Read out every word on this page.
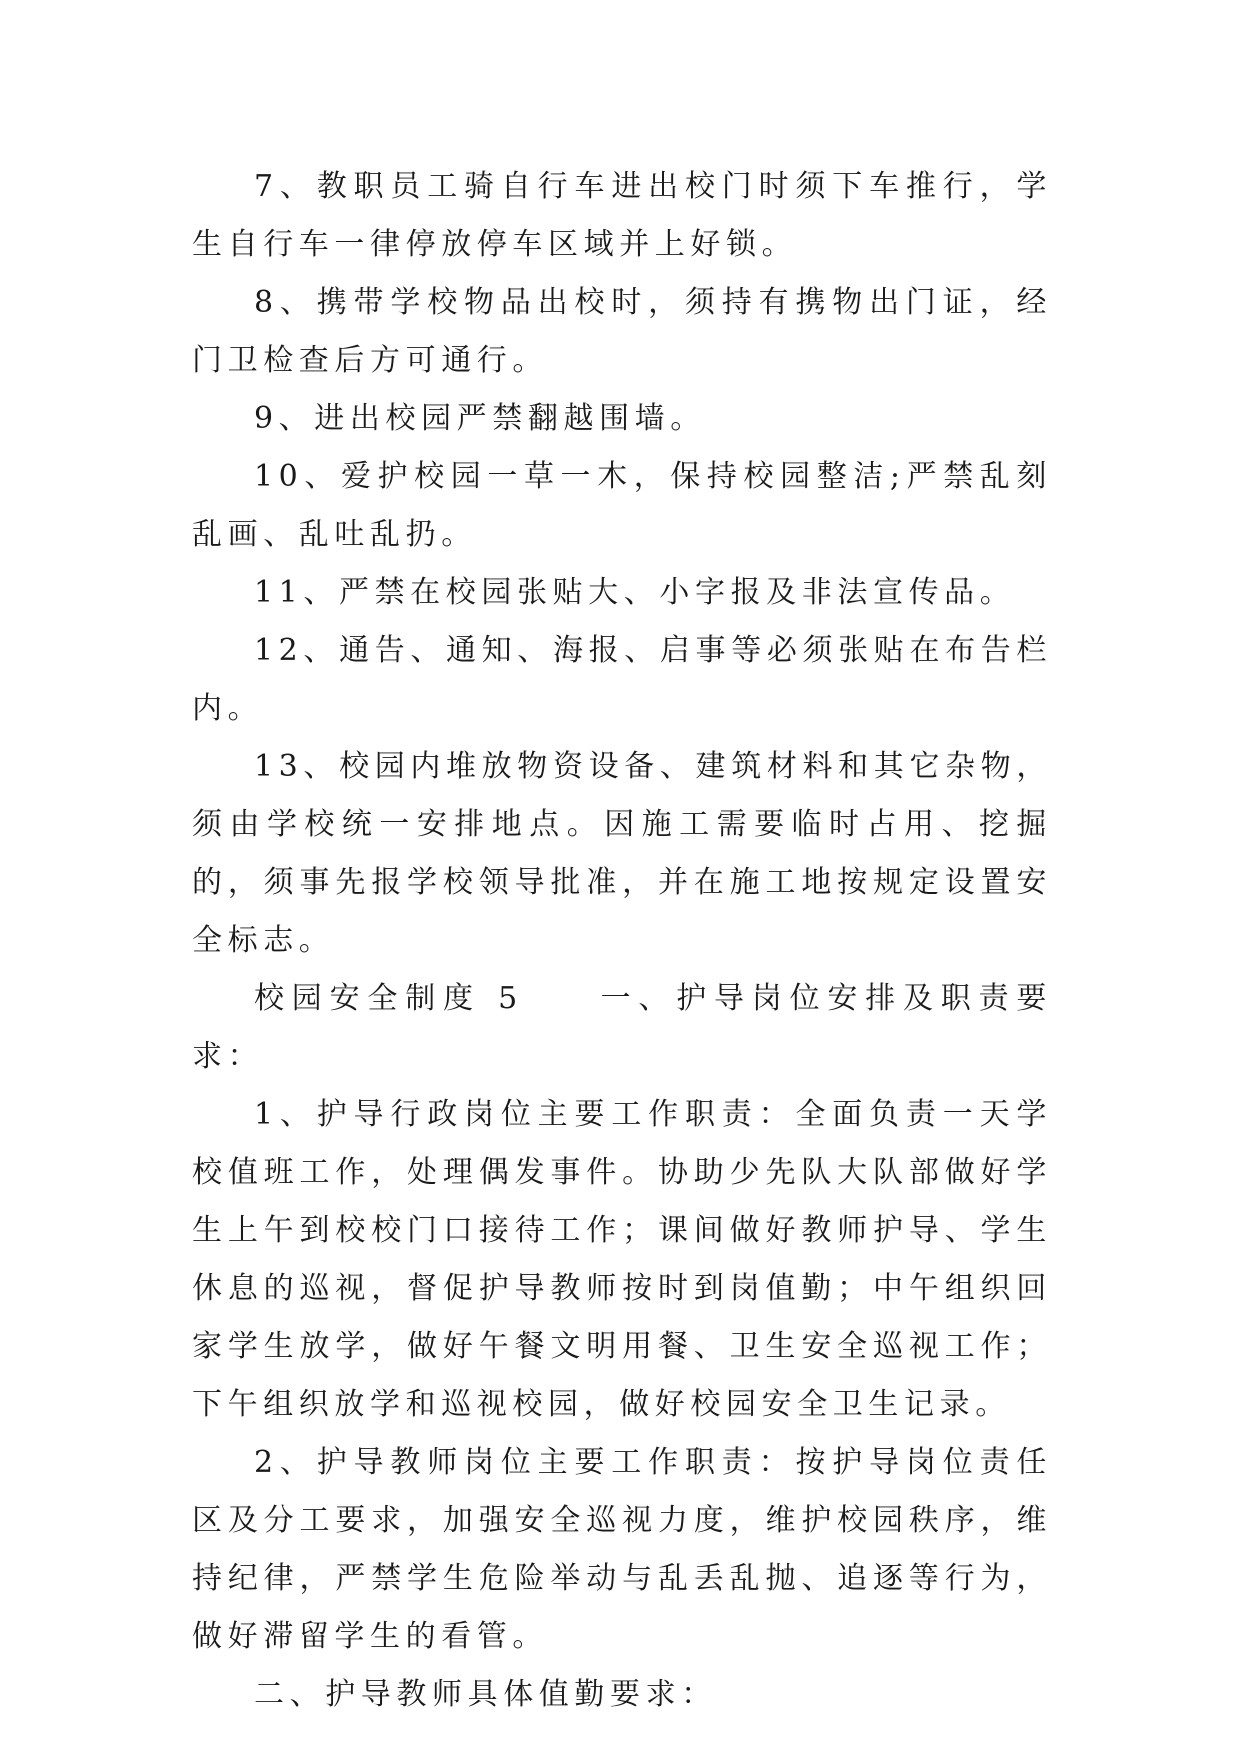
7、教职员工骑自行车进出校门时须下车推行，学生自行车一律停放停车区域并上好锁。

8、携带学校物品出校时，须持有携物出门证，经门卫检查后方可通行。

9、进出校园严禁翻越围墙。

10、爱护校园一草一木，保持校园整洁;严禁乱刻乱画、乱吐乱扔。

11、严禁在校园张贴大、小字报及非法宣传品。

12、通告、通知、海报、启事等必须张贴在布告栏内。

13、校园内堆放物资设备、建筑材料和其它杂物，须由学校统一安排地点。因施工需要临时占用、挖掘的，须事先报学校领导批准，并在施工地按规定设置安全标志。

校园安全制度 5　　一、护导岗位安排及职责要求：

1、护导行政岗位主要工作职责：全面负责一天学校值班工作，处理偶发事件。协助少先队大队部做好学生上午到校校门口接待工作；课间做好教师护导、学生休息的巡视，督促护导教师按时到岗值勤；中午组织回家学生放学，做好午餐文明用餐、卫生安全巡视工作；下午组织放学和巡视校园，做好校园安全卫生记录。

2、护导教师岗位主要工作职责：按护导岗位责任区及分工要求，加强安全巡视力度，维护校园秩序，维持纪律，严禁学生危险举动与乱丢乱抛、追逐等行为，做好滞留学生的看管。

二、护导教师具体值勤要求：
